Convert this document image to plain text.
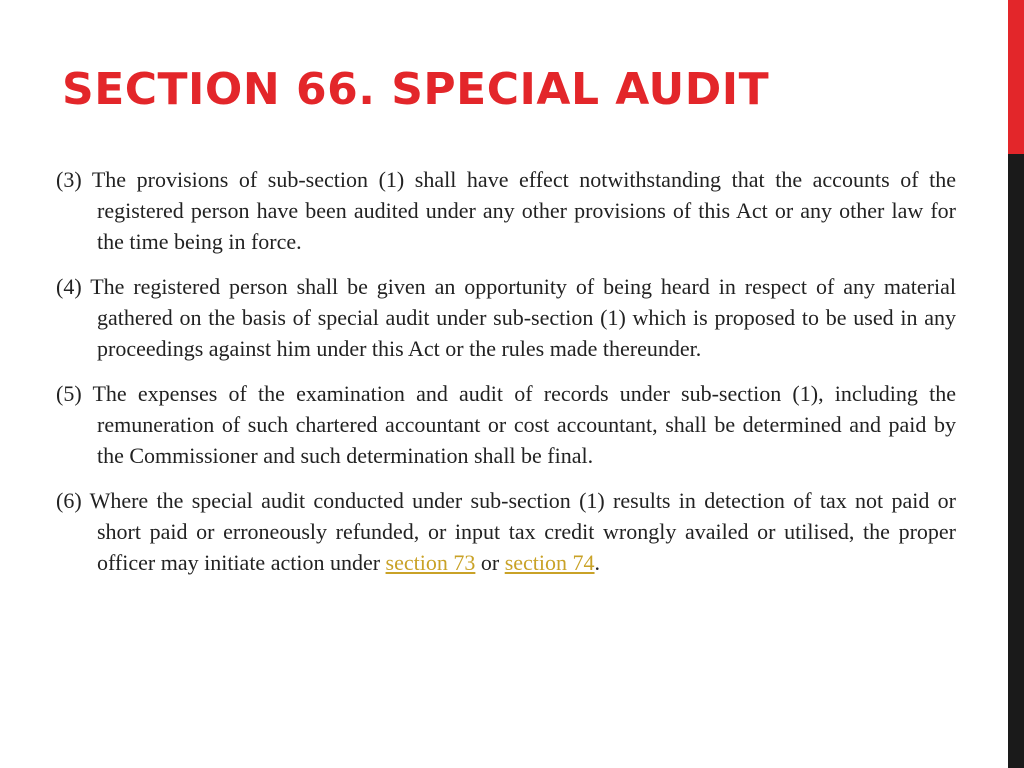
SECTION 66. SPECIAL AUDIT

(3) The provisions of sub-section (1) shall have effect notwithstanding that the accounts of the registered person have been audited under any other provisions of this Act or any other law for the time being in force.

(4) The registered person shall be given an opportunity of being heard in respect of any material gathered on the basis of special audit under sub-section (1) which is proposed to be used in any proceedings against him under this Act or the rules made thereunder.

(5) The expenses of the examination and audit of records under sub-section (1), including the remuneration of such chartered accountant or cost accountant, shall be determined and paid by the Commissioner and such determination shall be final.

(6) Where the special audit conducted under sub-section (1) results in detection of tax not paid or short paid or erroneously refunded, or input tax credit wrongly availed or utilised, the proper officer may initiate action under section 73 or section 74.
